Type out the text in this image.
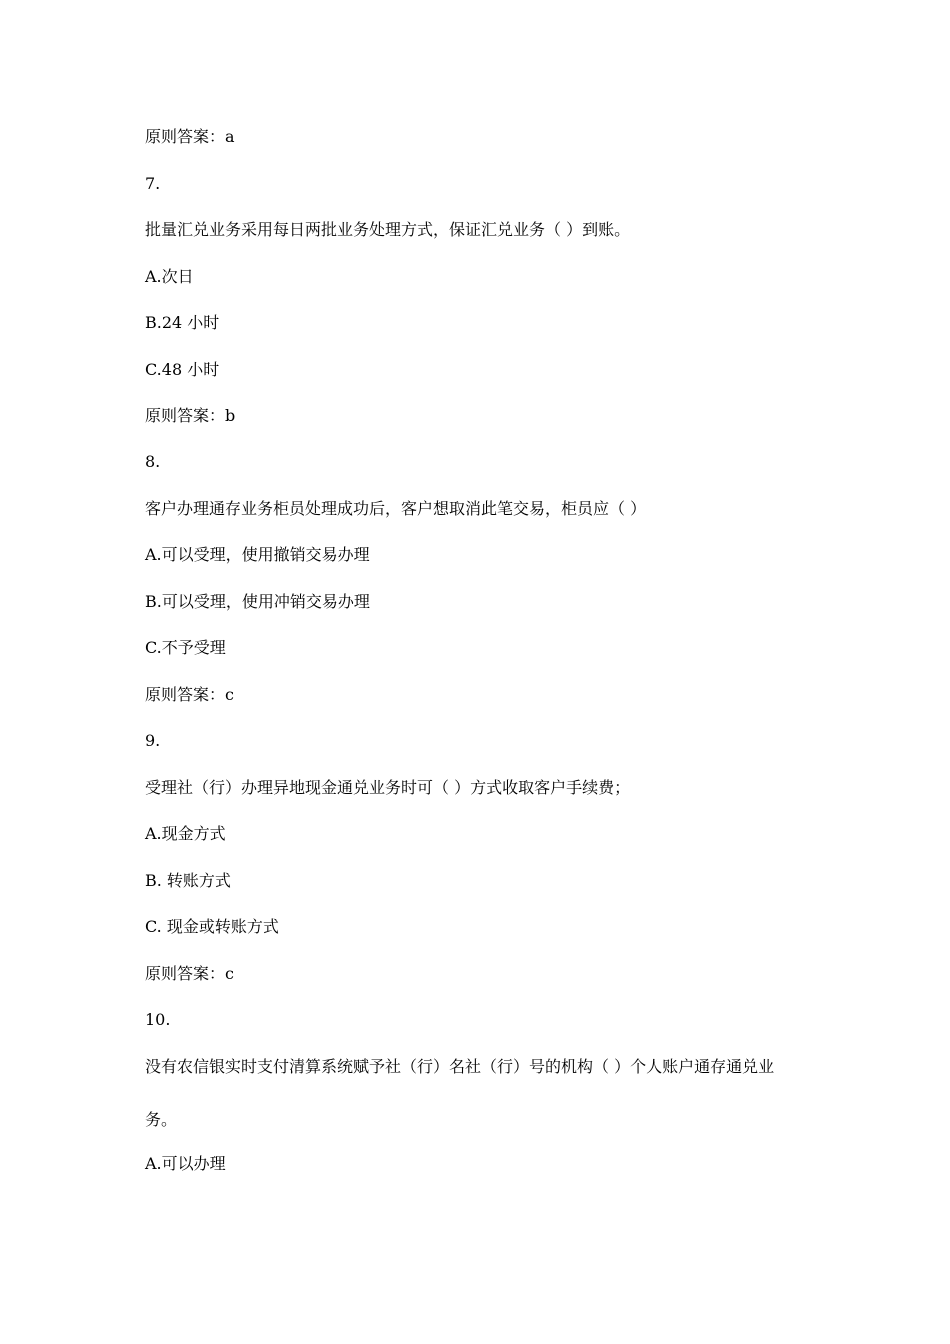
原则答案：a
7.
批量汇兑业务采用每日两批业务处理方式，保证汇兑业务（ ）到账。
A.次日
B.24 小时
C.48 小时
原则答案：b
8.
客户办理通存业务柜员处理成功后，客户想取消此笔交易，柜员应（ ）
A.可以受理，使用撤销交易办理
B.可以受理，使用冲销交易办理
C.不予受理
原则答案：c
9.
受理社（行）办理异地现金通兑业务时可（ ）方式收取客户手续费；
A.现金方式
B. 转账方式
C. 现金或转账方式
原则答案：c
10.
没有农信银实时支付清算系统赋予社（行）名社（行）号的机构（ ）个人账户通存通兑业
务。
A.可以办理
